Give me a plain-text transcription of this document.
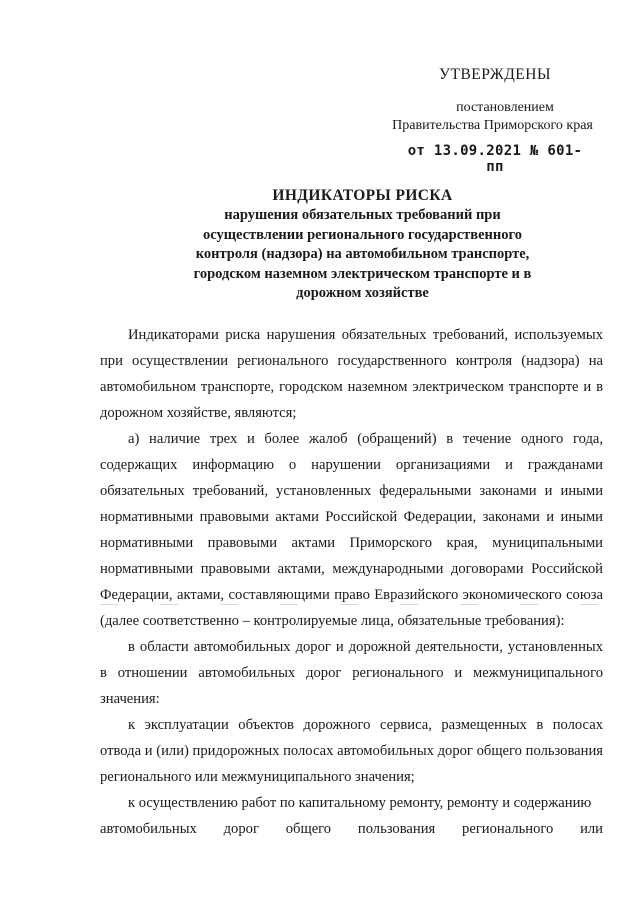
УТВЕРЖДЕНЫ
постановлением
Правительства Приморского края
от 13.09.2021 № 601-пп
ИНДИКАТОРЫ РИСКА
нарушения обязательных требований при
осуществлении регионального государственного
контроля (надзора) на автомобильном транспорте,
городском наземном электрическом транспорте и в
дорожном хозяйстве

Индикаторами риска нарушения обязательных требований, используемых при осуществлении регионального государственного контроля (надзора) на автомобильном транспорте, городском наземном электрическом транспорте и в дорожном хозяйстве, являются;

а) наличие трех и более жалоб (обращений) в течение одного года, содержащих информацию о нарушении организациями и гражданами обязательных требований, установленных федеральными законами и иными нормативными правовыми актами Российской Федерации, законами и иными нормативными правовыми актами Приморского края, муниципальными нормативными правовыми актами, международными договорами Российской Федерации, актами, составляющими право Евразийского экономического союза (далее соответственно – контролируемые лица, обязательные требования):

в области автомобильных дорог и дорожной деятельности, установленных в отношении автомобильных дорог регионального и межмуниципального значения:

к эксплуатации объектов дорожного сервиса, размещенных в полосах отвода и (или) придорожных полосах автомобильных дорог общего пользования регионального или межмуниципального значения;

к осуществлению работ по капитальному ремонту, ремонту и содержанию

автомобильных дорог общего пользования регионального или
